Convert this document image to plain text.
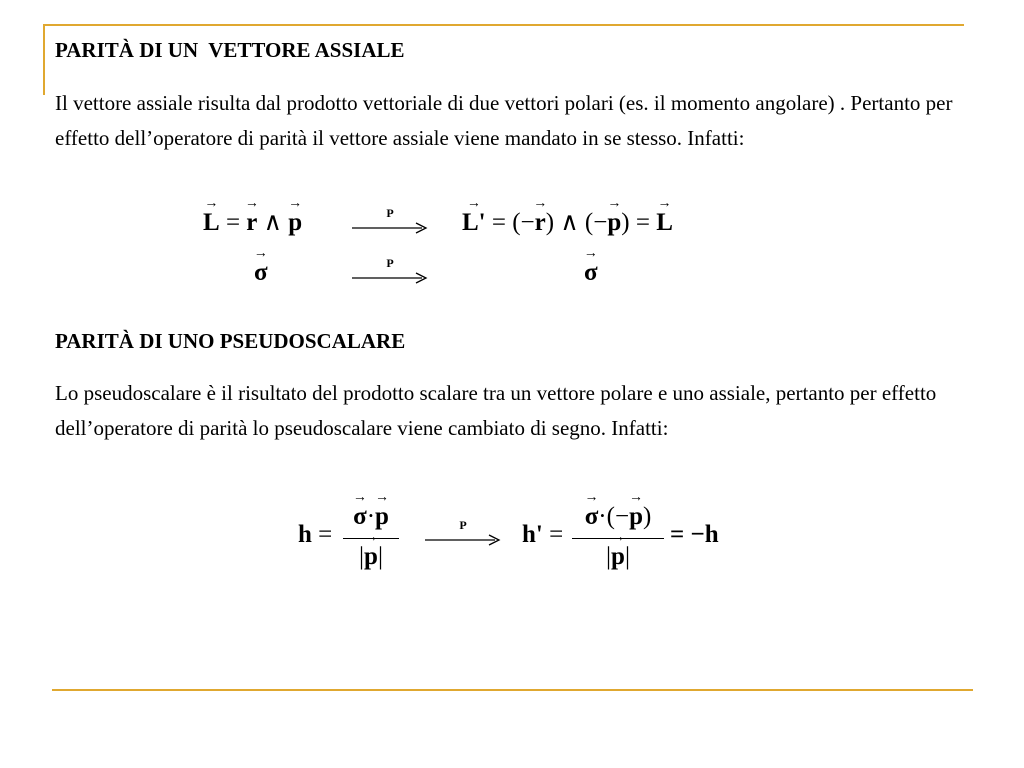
PARITÀ DI UN  VETTORE ASSIALE
Il vettore assiale risulta dal prodotto vettoriale di due vettori polari (es. il momento angolare) . Pertanto per effetto dell’operatore di parità il vettore assiale viene mandato in se stesso. Infatti:
→ L = → r ∧ → p	P	→ L' = (−→ r) ∧ (−→ p) = → L
→ σ	P	→ σ
PARITÀ DI UNO PSEUDOSCALARE
Lo pseudoscalare è il risultato del prodotto scalare tra un vettore polare e uno assiale, pertanto per effetto dell’operatore di parità lo pseudoscalare viene cambiato di segno. Infatti:
h =
→ σ·→ p
|→ p|
P	h' =
→ σ·(−→ p)
|→ p|
= −h
